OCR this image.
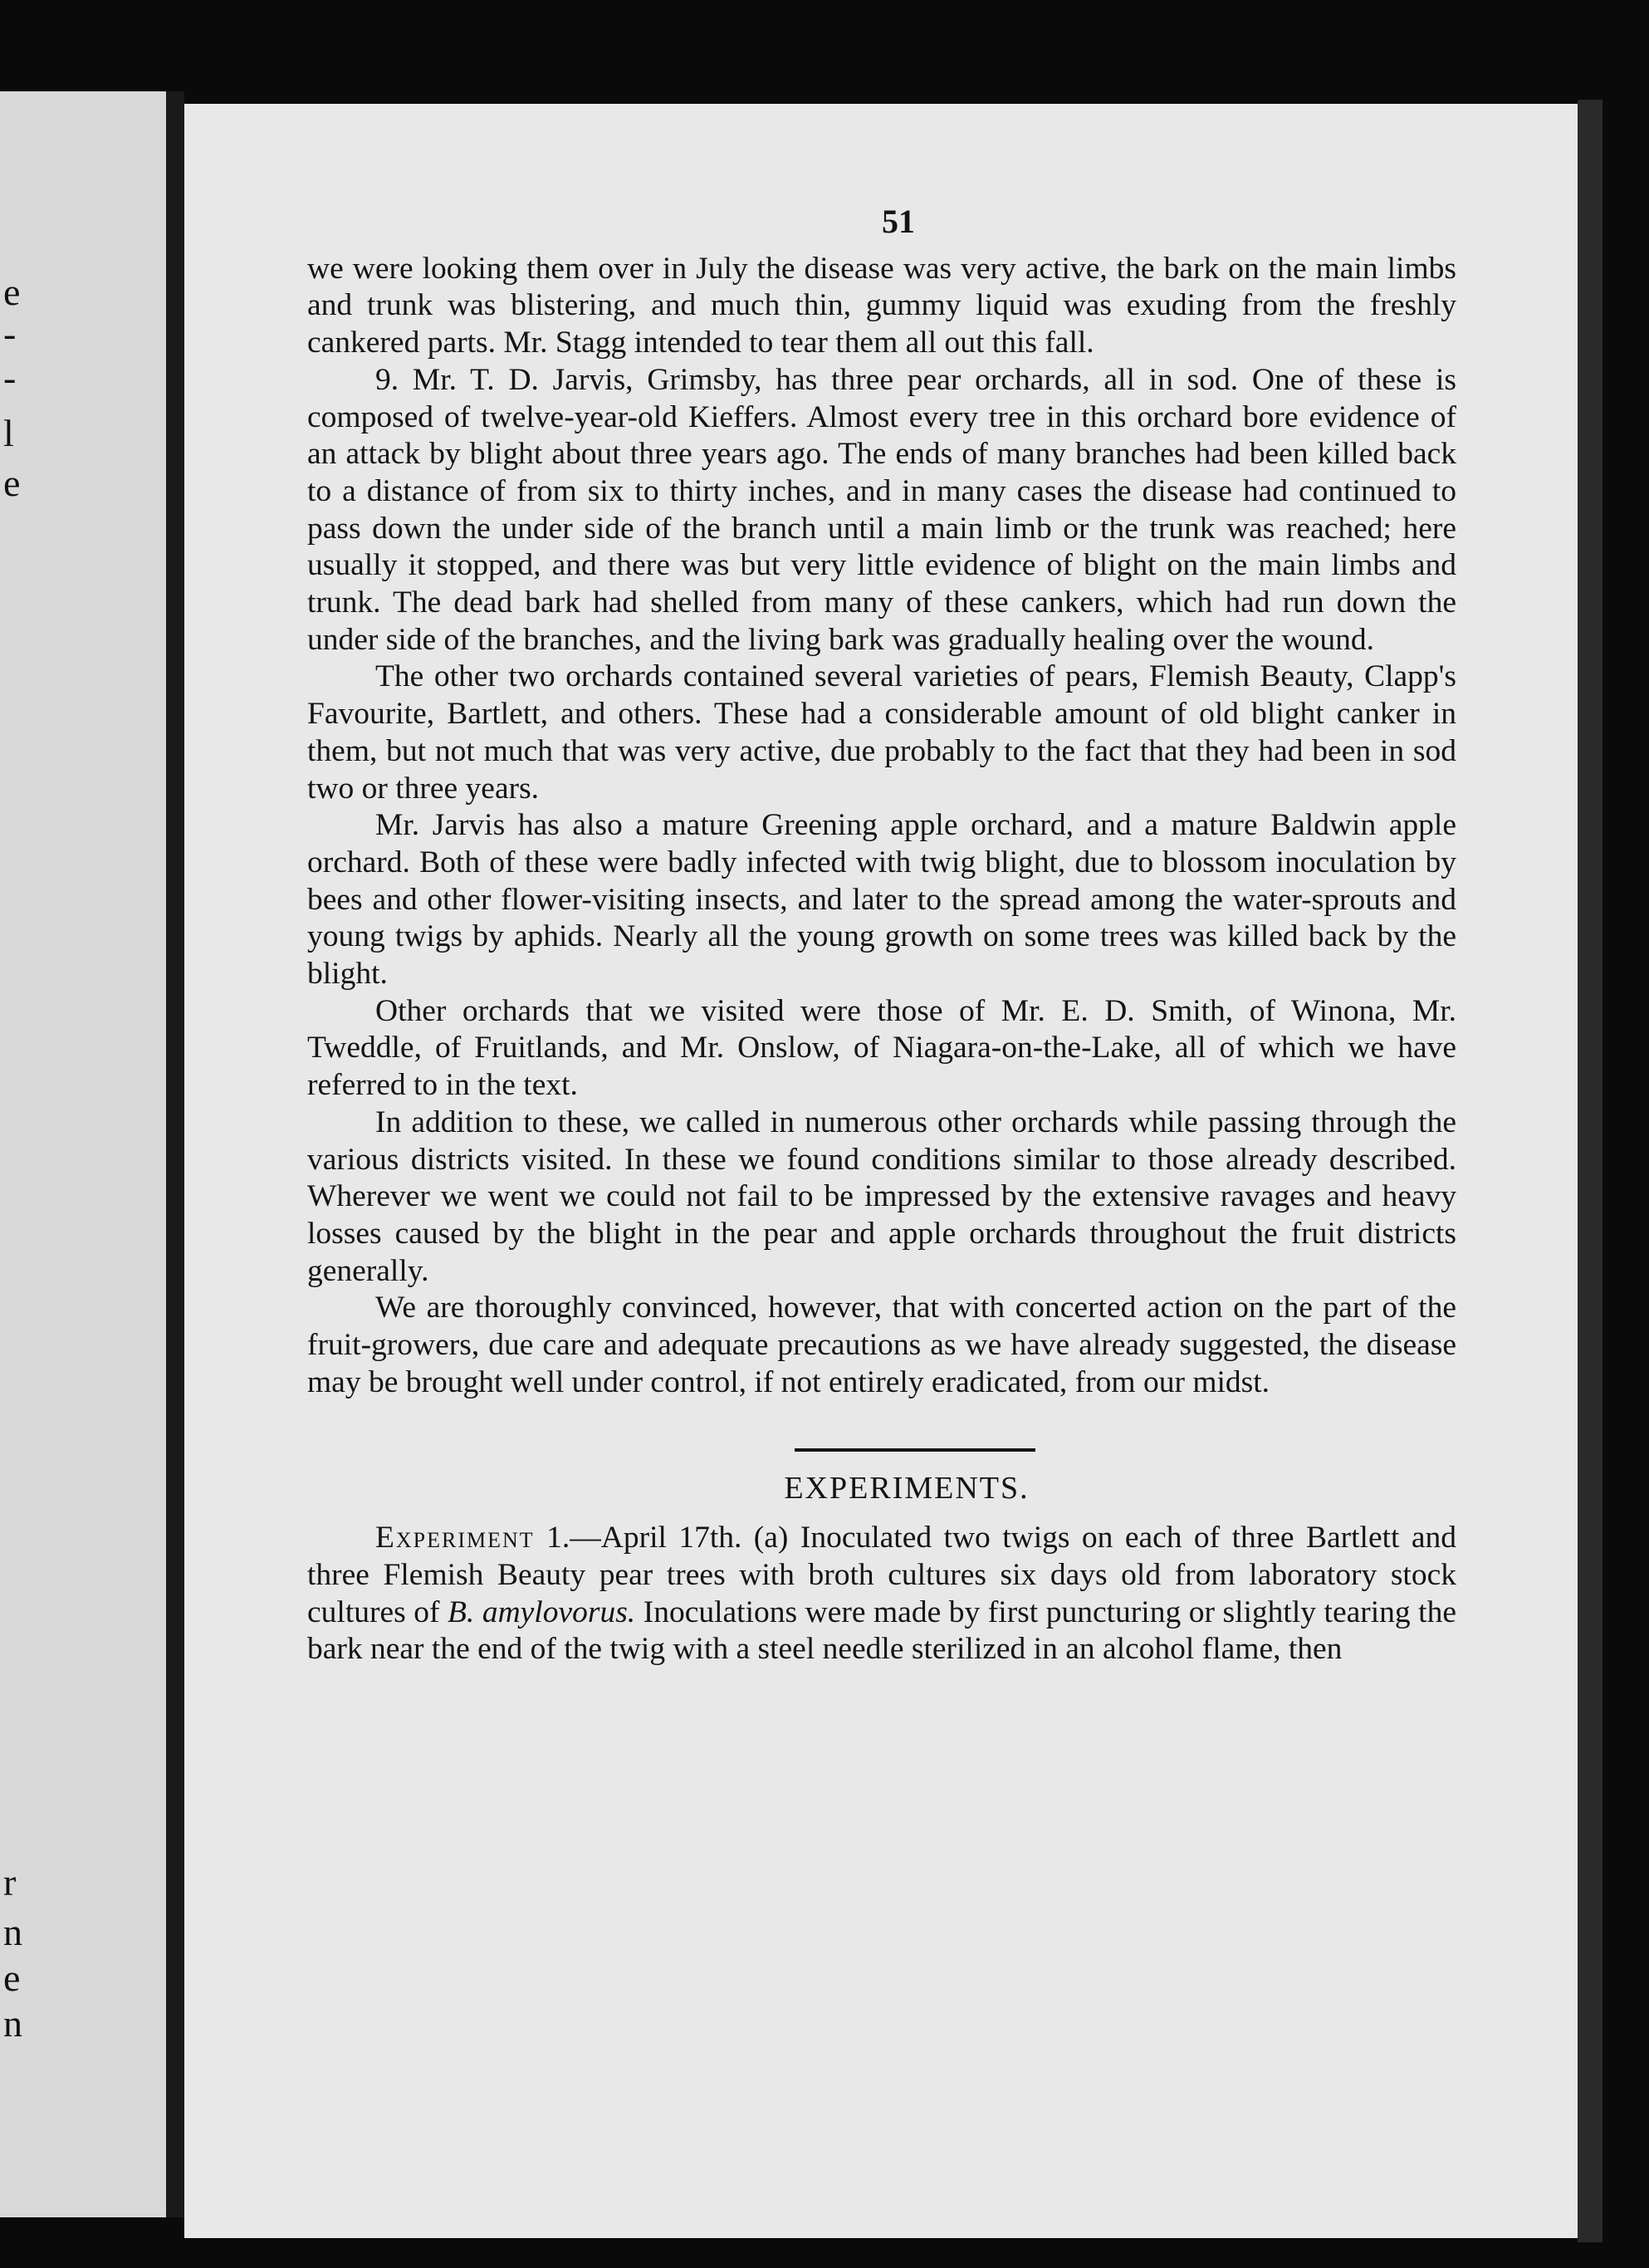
e
-
-
l
e
r
n
e
n
51

we were looking them over in July the disease was very active, the bark on the main limbs and trunk was blistering, and much thin, gummy liquid was exuding from the freshly cankered parts. Mr. Stagg intended to tear them all out this fall.

9. Mr. T. D. Jarvis, Grimsby, has three pear orchards, all in sod. One of these is composed of twelve-year-old Kieffers. Almost every tree in this orchard bore evidence of an attack by blight about three years ago. The ends of many branches had been killed back to a distance of from six to thirty inches, and in many cases the disease had continued to pass down the under side of the branch until a main limb or the trunk was reached; here usually it stopped, and there was but very little evidence of blight on the main limbs and trunk. The dead bark had shelled from many of these cankers, which had run down the under side of the branches, and the living bark was gradually healing over the wound.

The other two orchards contained several varieties of pears, Flemish Beauty, Clapp's Favourite, Bartlett, and others. These had a considerable amount of old blight canker in them, but not much that was very active, due probably to the fact that they had been in sod two or three years.

Mr. Jarvis has also a mature Greening apple orchard, and a mature Baldwin apple orchard. Both of these were badly infected with twig blight, due to blossom inoculation by bees and other flower-visiting insects, and later to the spread among the water-sprouts and young twigs by aphids. Nearly all the young growth on some trees was killed back by the blight.

Other orchards that we visited were those of Mr. E. D. Smith, of Winona, Mr. Tweddle, of Fruitlands, and Mr. Onslow, of Niagara-on-the-Lake, all of which we have referred to in the text.

In addition to these, we called in numerous other orchards while passing through the various districts visited. In these we found conditions similar to those already described. Wherever we went we could not fail to be impressed by the extensive ravages and heavy losses caused by the blight in the pear and apple orchards throughout the fruit districts generally.

We are thoroughly convinced, however, that with concerted action on the part of the fruit-growers, due care and adequate precautions as we have already suggested, the disease may be brought well under control, if not entirely eradicated, from our midst.

EXPERIMENTS.

Experiment 1.—April 17th. (a) Inoculated two twigs on each of three Bartlett and three Flemish Beauty pear trees with broth cultures six days old from laboratory stock cultures of B. amylovorus. Inoculations were made by first puncturing or slightly tearing the bark near the end of the twig with a steel needle sterilized in an alcohol flame, then
